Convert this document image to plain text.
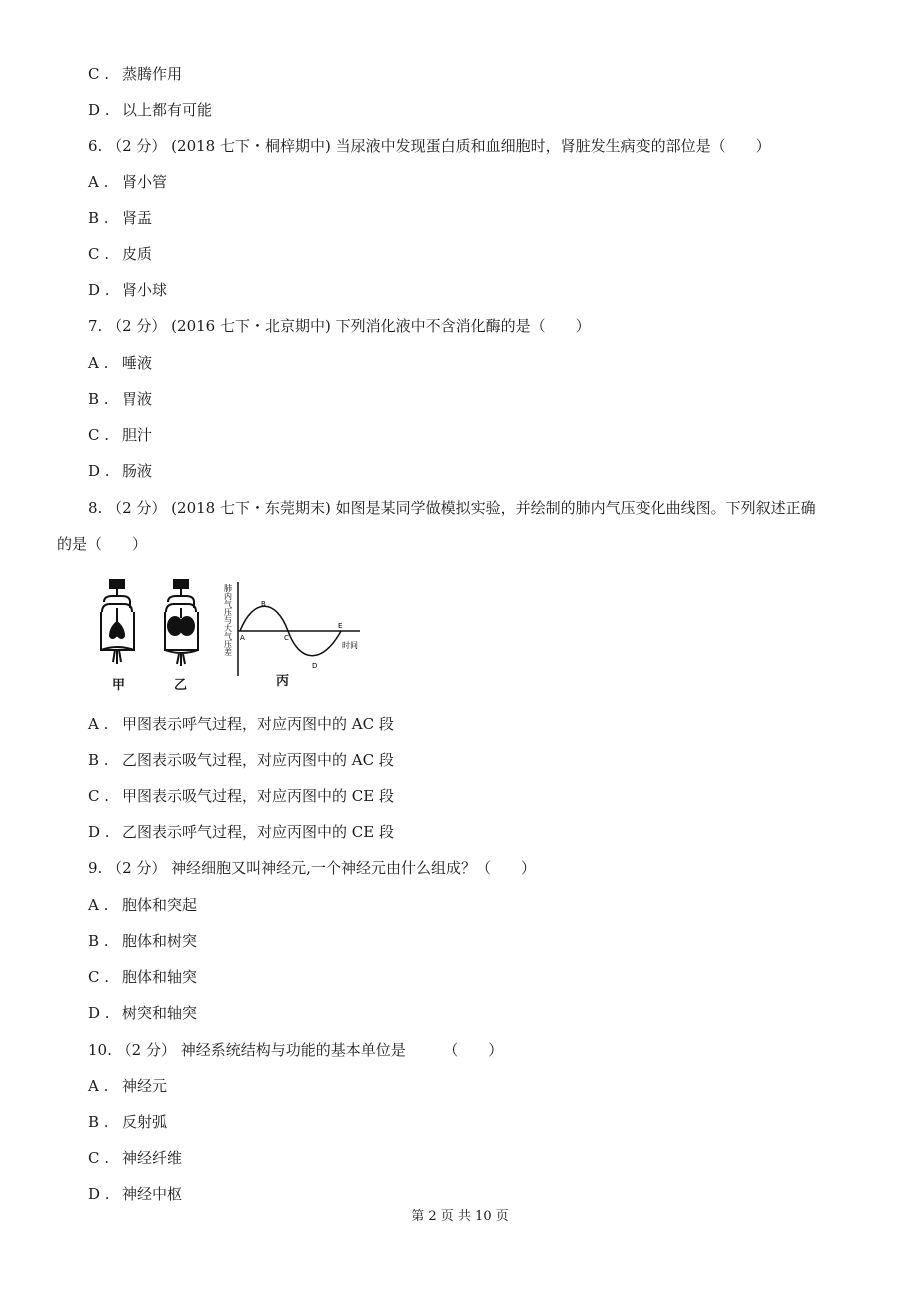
C . 蒸腾作用
D . 以上都有可能
6. （2 分） (2018 七下・桐梓期中) 当尿液中发现蛋白质和血细胞时，肾脏发生病变的部位是（　　）
A . 肾小管
B . 肾盂
C . 皮质
D . 肾小球
7. （2 分） (2016 七下・北京期中) 下列消化液中不含消化酶的是（　　）
A . 唾液
B . 胃液
C . 胆汁
D . 肠液
8. （2 分） (2018 七下・东莞期末) 如图是某同学做模拟实验，并绘制的肺内气压变化曲线图。下列叙述正确
的是（　　）
肺内气压与大气压差	时间
A
B
C
D
E
甲	乙	丙
A . 甲图表示呼气过程，对应丙图中的 AC 段
B . 乙图表示吸气过程，对应丙图中的 AC 段
C . 甲图表示吸气过程，对应丙图中的 CE 段
D . 乙图表示呼气过程，对应丙图中的 CE 段
9. （2 分） 神经细胞又叫神经元,一个神经元由什么组成？（　　）
A . 胞体和突起
B . 胞体和树突
C . 胞体和轴突
D . 树突和轴突
10. （2 分） 神经系统结构与功能的基本单位是　　　（　　）
A . 神经元
B . 反射弧
C . 神经纤维
D . 神经中枢
第 2 页 共 10 页
